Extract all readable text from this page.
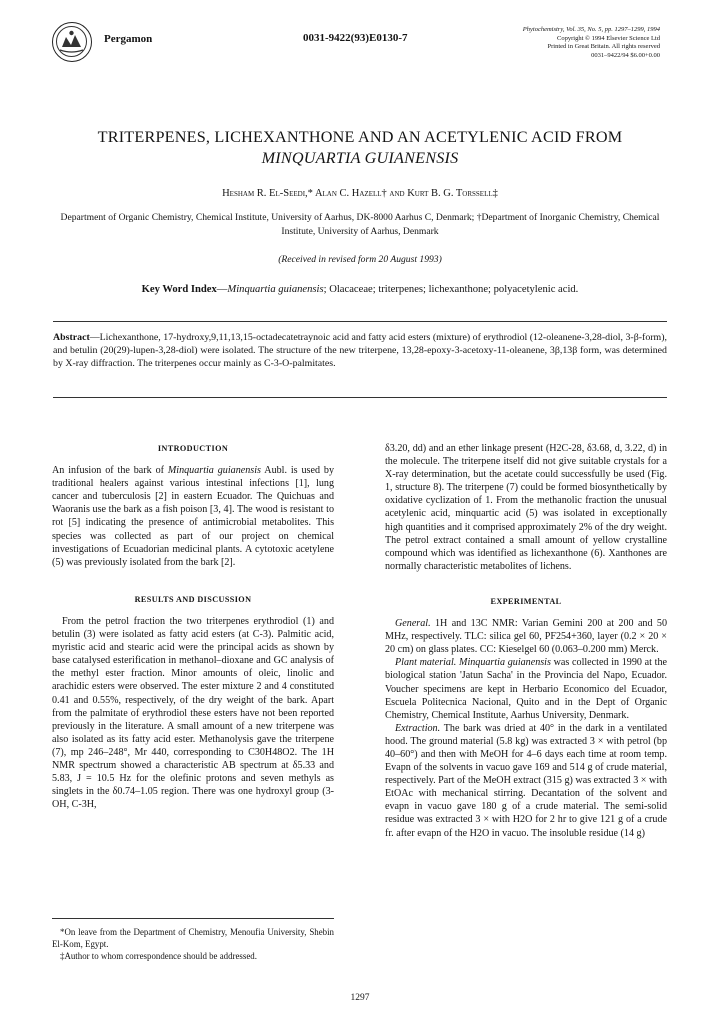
Pergamon	0031-9422(93)E0130-7
Phytochemistry, Vol. 35, No. 5, pp. 1297–1299, 1994
Copyright © 1994 Elsevier Science Ltd
Printed in Great Britain. All rights reserved
0031–9422/94 $6.00+0.00
TRITERPENES, LICHEXANTHONE AND AN ACETYLENIC ACID FROM
MINQUARTIA GUIANENSIS
Hesham R. El-Seedi,* Alan C. Hazell† and Kurt B. G. Torssell‡
Department of Organic Chemistry, Chemical Institute, University of Aarhus, DK-8000 Aarhus C, Denmark; †Department of Inorganic Chemistry, Chemical Institute, University of Aarhus, Denmark
(Received in revised form 20 August 1993)
Key Word Index—Minquartia guianensis; Olacaceae; triterpenes; lichexanthone; polyacetylenic acid.
Abstract—Lichexanthone, 17-hydroxy,9,11,13,15-octadecatetraynoic acid and fatty acid esters (mixture) of erythrodiol (12-oleanene-3,28-diol, 3-β-form), and betulin (20(29)-lupen-3,28-diol) were isolated. The structure of the new triterpene, 13,28-epoxy-3-acetoxy-11-oleanene, 3β,13β form, was determined by X-ray diffraction. The triterpenes occur mainly as C-3-O-palmitates.
INTRODUCTION

An infusion of the bark of Minquartia guianensis Aubl. is used by traditional healers against various intestinal infections [1], lung cancer and tuberculosis [2] in eastern Ecuador. The Quichuas and Waoranis use the bark as a fish poison [3, 4]. The wood is resistant to rot [5] indicating the presence of antimicrobial metabolites. This species was collected as part of our project on chemical investigations of Ecuadorian medicinal plants. A cytotoxic acetylene (5) was previously isolated from the bark [2].

RESULTS AND DISCUSSION

From the petrol fraction the two triterpenes erythrodiol (1) and betulin (3) were isolated as fatty acid esters (at C-3). Palmitic acid, myristic acid and stearic acid were the principal acids as shown by base catalysed esterification in methanol–dioxane and GC analysis of the methyl ester fraction. Minor amounts of oleic, linolic and arachidic esters were observed. The ester mixture 2 and 4 constituted 0.41 and 0.55%, respectively, of the dry weight of the bark. Apart from the palmitate of erythrodiol these esters have not been reported previously in the literature. A small amount of a new triterpene was also isolated as its fatty acid ester. Methanolysis gave the triterpene (7), mp 246–248°, Mr 440, corresponding to C30H48O2. The 1H NMR spectrum showed a characteristic AB spectrum at δ5.33 and 5.83, J = 10.5 Hz for the olefinic protons and seven methyls as singlets in the δ0.74–1.05 region. There was one hydroxyl group (3-OH, C-3H,

*On leave from the Department of Chemistry, Menoufia University, Shebin El-Kom, Egypt.

‡Author to whom correspondence should be addressed.

δ3.20, dd) and an ether linkage present (H2C-28, δ3.68, d, 3.22, d) in the molecule. The triterpene itself did not give suitable crystals for a X-ray determination, but the acetate could successfully be used (Fig. 1, structure 8). The triterpene (7) could be formed biosynthetically by oxidative cyclization of 1. From the methanolic fraction the unusual acetylenic acid, minquartic acid (5) was isolated in exceptionally high quantities and it comprised approximately 2% of the dry weight. The petrol extract contained a small amount of yellow crystalline compound which was identified as lichexanthone (6). Xanthones are normally characteristic metabolites of lichens.

EXPERIMENTAL

General. 1H and 13C NMR: Varian Gemini 200 at 200 and 50 MHz, respectively. TLC: silica gel 60, PF254+360, layer (0.2 × 20 × 20 cm) on glass plates. CC: Kieselgel 60 (0.063–0.200 mm) Merck.

Plant material. Minquartia guianensis was collected in 1990 at the biological station 'Jatun Sacha' in the Provincia del Napo, Ecuador. Voucher specimens are kept in Herbario Economico del Ecuador, Escuela Politecnica Nacional, Quito and in the Dept of Organic Chemistry, Chemical Institute, Aarhus University, Denmark.

Extraction. The bark was dried at 40° in the dark in a ventilated hood. The ground material (5.8 kg) was extracted 3 × with petrol (bp 40–60°) and then with MeOH for 4–6 days each time at room temp. Evapn of the solvents in vacuo gave 169 and 514 g of crude material, respectively. Part of the MeOH extract (315 g) was extracted 3 × with EtOAc with mechanical stirring. Decantation of the solvent and evapn in vacuo gave 180 g of a crude material. The semi-solid residue was extracted 3 × with H2O for 2 hr to give 121 g of a crude fr. after evapn of the H2O in vacuo. The insoluble residue (14 g)

1297
